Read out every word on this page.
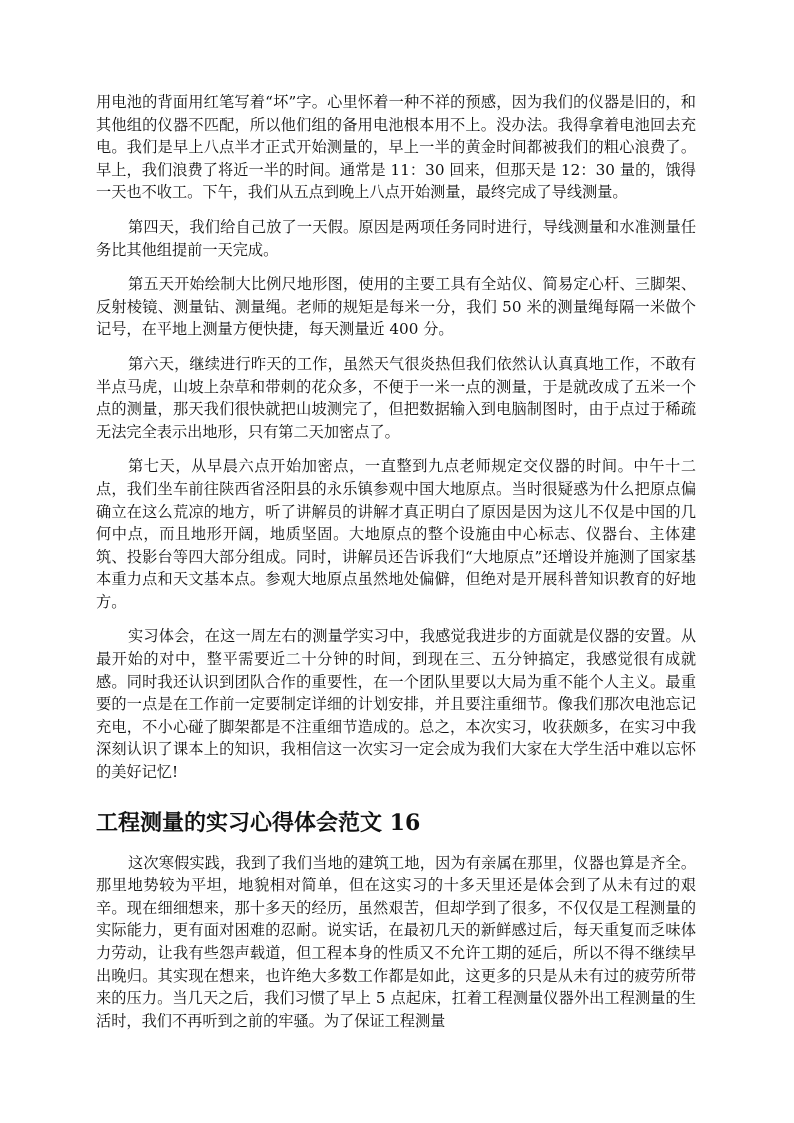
用电池的背面用红笔写着“坏”字。心里怀着一种不祥的预感，因为我们的仪器是旧的，和其他组的仪器不匹配，所以他们组的备用电池根本用不上。没办法。我得拿着电池回去充电。我们是早上八点半才正式开始测量的，早上一半的黄金时间都被我们的粗心浪费了。早上，我们浪费了将近一半的时间。通常是 11：30 回来，但那天是 12：30 量的，饿得一天也不收工。下午，我们从五点到晚上八点开始测量，最终完成了导线测量。

第四天，我们给自己放了一天假。原因是两项任务同时进行，导线测量和水准测量任务比其他组提前一天完成。

第五天开始绘制大比例尺地形图，使用的主要工具有全站仪、简易定心杆、三脚架、反射棱镜、测量钻、测量绳。老师的规矩是每米一分，我们 50 米的测量绳每隔一米做个记号，在平地上测量方便快捷，每天测量近 400 分。

第六天，继续进行昨天的工作，虽然天气很炎热但我们依然认认真真地工作，不敢有半点马虎，山坡上杂草和带刺的花众多，不便于一米一点的测量，于是就改成了五米一个点的测量，那天我们很快就把山坡测完了，但把数据输入到电脑制图时，由于点过于稀疏无法完全表示出地形，只有第二天加密点了。

第七天，从早晨六点开始加密点，一直整到九点老师规定交仪器的时间。中午十二点，我们坐车前往陕西省泾阳县的永乐镇参观中国大地原点。当时很疑惑为什么把原点偏确立在这么荒凉的地方，听了讲解员的讲解才真正明白了原因是因为这儿不仅是中国的几何中点，而且地形开阔，地质坚固。大地原点的整个设施由中心标志、仪器台、主体建筑、投影台等四大部分组成。同时，讲解员还告诉我们“大地原点”还增设并施测了国家基本重力点和天文基本点。参观大地原点虽然地处偏僻，但绝对是开展科普知识教育的好地方。

实习体会，在这一周左右的测量学实习中，我感觉我进步的方面就是仪器的安置。从最开始的对中，整平需要近二十分钟的时间，到现在三、五分钟搞定，我感觉很有成就感。同时我还认识到团队合作的重要性，在一个团队里要以大局为重不能个人主义。最重要的一点是在工作前一定要制定详细的计划安排，并且要注重细节。像我们那次电池忘记充电，不小心碰了脚架都是不注重细节造成的。总之，本次实习，收获颇多，在实习中我深刻认识了课本上的知识，我相信这一次实习一定会成为我们大家在大学生活中难以忘怀的美好记忆!

工程测量的实习心得体会范文 16

这次寒假实践，我到了我们当地的建筑工地，因为有亲属在那里，仪器也算是齐全。那里地势较为平坦，地貌相对简单，但在这实习的十多天里还是体会到了从未有过的艰辛。现在细细想来，那十多天的经历，虽然艰苦，但却学到了很多，不仅仅是工程测量的实际能力，更有面对困难的忍耐。说实话，在最初几天的新鲜感过后，每天重复而乏味体力劳动，让我有些怨声载道，但工程本身的性质又不允许工期的延后，所以不得不继续早出晚归。其实现在想来，也许绝大多数工作都是如此，这更多的只是从未有过的疲劳所带来的压力。当几天之后，我们习惯了早上 5 点起床，扛着工程测量仪器外出工程测量的生活时，我们不再听到之前的牢骚。为了保证工程测量
